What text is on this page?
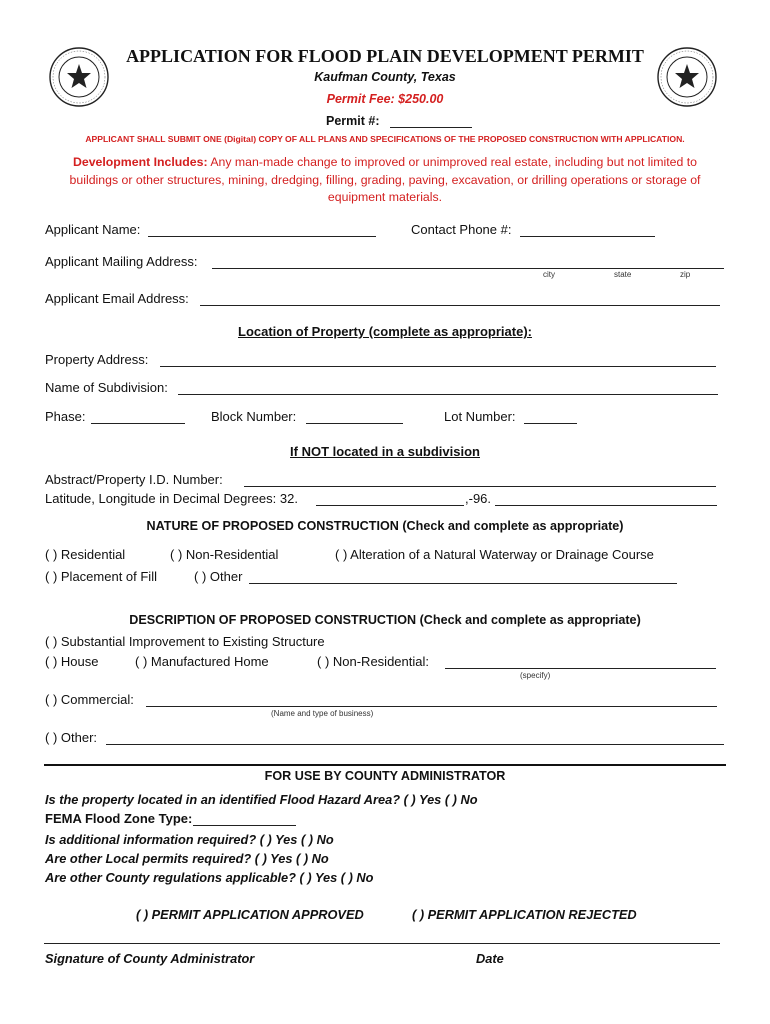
APPLICATION FOR FLOOD PLAIN DEVELOPMENT PERMIT
Kaufman County, Texas
Permit Fee: $250.00
Permit #:
APPLICANT SHALL SUBMIT ONE (Digital) COPY OF ALL PLANS AND SPECIFICATIONS OF THE PROPOSED CONSTRUCTION WITH APPLICATION.
Development Includes: Any man-made change to improved or unimproved real estate, including but not limited to
buildings or other structures, mining, dredging, filling, grading, paving, excavation, or drilling operations or storage of
equipment materials.
Applicant Name:	Contact Phone #:
Applicant Mailing Address:
city	state	zip
Applicant Email Address:
Location of Property (complete as appropriate):
Property Address:
Name of Subdivision:
Phase:	Block Number:	Lot Number:
If NOT located in a subdivision
Abstract/Property I.D. Number:
Latitude, Longitude in Decimal Degrees: 32.	,-96.
NATURE OF PROPOSED CONSTRUCTION (Check and complete as appropriate)
( ) Residential	( ) Non-Residential	( ) Alteration of a Natural Waterway or Drainage Course
( ) Placement of Fill	( ) Other
DESCRIPTION OF PROPOSED CONSTRUCTION (Check and complete as appropriate)
( ) Substantial Improvement to Existing Structure
( ) House	( ) Manufactured Home	( ) Non-Residential:
(specify)
( ) Commercial:
(Name and type of business)
( ) Other:
FOR USE BY COUNTY ADMINISTRATOR
Is the property located in an identified Flood Hazard Area? ( ) Yes ( ) No
FEMA Flood Zone Type:
Is additional information required? ( ) Yes ( ) No
Are other Local permits required? ( ) Yes ( ) No
Are other County regulations applicable? ( ) Yes ( ) No
( ) PERMIT APPLICATION APPROVED	( ) PERMIT APPLICATION REJECTED
Signature of County Administrator	Date
